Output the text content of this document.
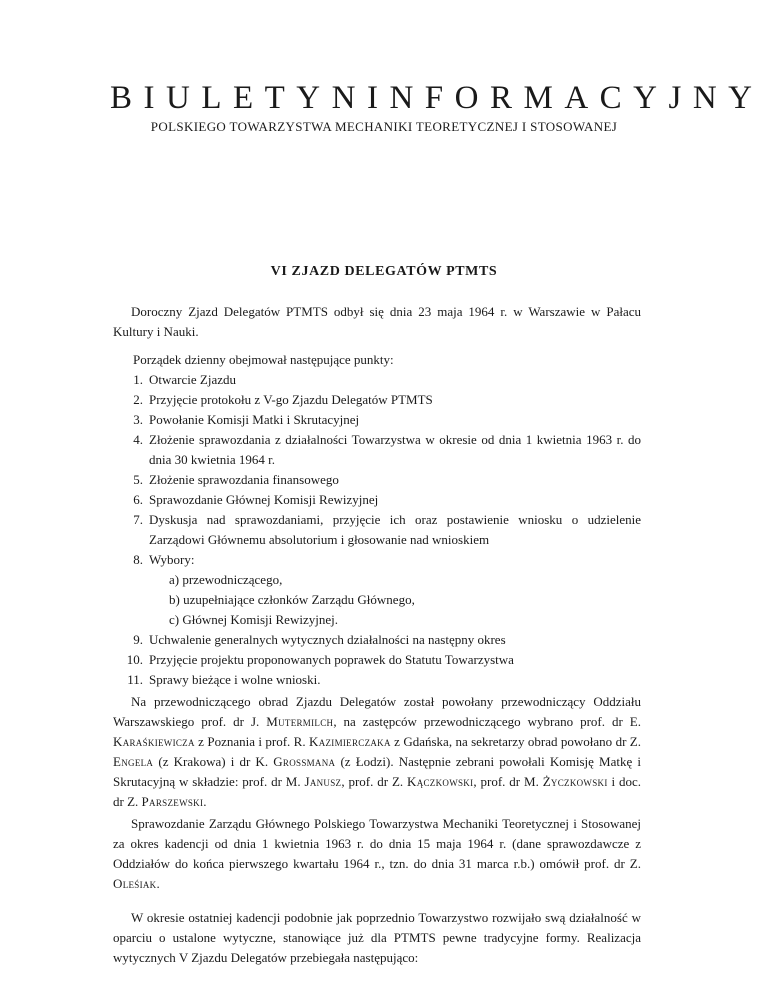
BIULETYN INFORMACYJNY
POLSKIEGO TOWARZYSTWA MECHANIKI TEORETYCZNEJ I STOSOWANEJ
VI ZJAZD DELEGATÓW PTMTS

Doroczny Zjazd Delegatów PTMTS odbył się dnia 23 maja 1964 r. w Warszawie w Pałacu Kultury i Nauki.

Porządek dzienny obejmował następujące punkty:

1. Otwarcie Zjazdu
2. Przyjęcie protokołu z V-go Zjazdu Delegatów PTMTS
3. Powołanie Komisji Matki i Skrutacyjnej
4. Złożenie sprawozdania z działalności Towarzystwa w okresie od dnia 1 kwietnia 1963 r. do dnia 30 kwietnia 1964 r.
5. Złożenie sprawozdania finansowego
6. Sprawozdanie Głównej Komisji Rewizyjnej
7. Dyskusja nad sprawozdaniami, przyjęcie ich oraz postawienie wniosku o udzielenie Zarządowi Głównemu absolutorium i głosowanie nad wnioskiem
8. Wybory:
a) przewodniczącego,
b) uzupełniające członków Zarządu Głównego,
c) Głównej Komisji Rewizyjnej.
9. Uchwalenie generalnych wytycznych działalności na następny okres
10. Przyjęcie projektu proponowanych poprawek do Statutu Towarzystwa
11. Sprawy bieżące i wolne wnioski.

Na przewodniczącego obrad Zjazdu Delegatów został powołany przewodniczący Oddziału Warszawskiego prof. dr J. Mutermilch, na zastępców przewodniczącego wybrano prof. dr E. Karaśkiewicza z Poznania i prof. R. Kazimierczaka z Gdańska, na sekretarzy obrad powołano dr Z. Engela (z Krakowa) i dr K. Grossmana (z Łodzi). Następnie zebrani powołali Komisję Matkę i Skrutacyjną w składzie: prof. dr M. Janusz, prof. dr Z. Kączkowski, prof. dr M. Życzkowski i doc. dr Z. Parszewski.

Sprawozdanie Zarządu Głównego Polskiego Towarzystwa Mechaniki Teoretycznej i Stosowanej za okres kadencji od dnia 1 kwietnia 1963 r. do dnia 15 maja 1964 r. (dane sprawozdawcze z Oddziałów do końca pierwszego kwartału 1964 r., tzn. do dnia 31 marca r.b.) omówił prof. dr Z. Oleśiak.

W okresie ostatniej kadencji podobnie jak poprzednio Towarzystwo rozwijało swą działalność w oparciu o ustalone wytyczne, stanowiące już dla PTMTS pewne tradycyjne formy. Realizacja wytycznych V Zjazdu Delegatów przebiegała następująco:
